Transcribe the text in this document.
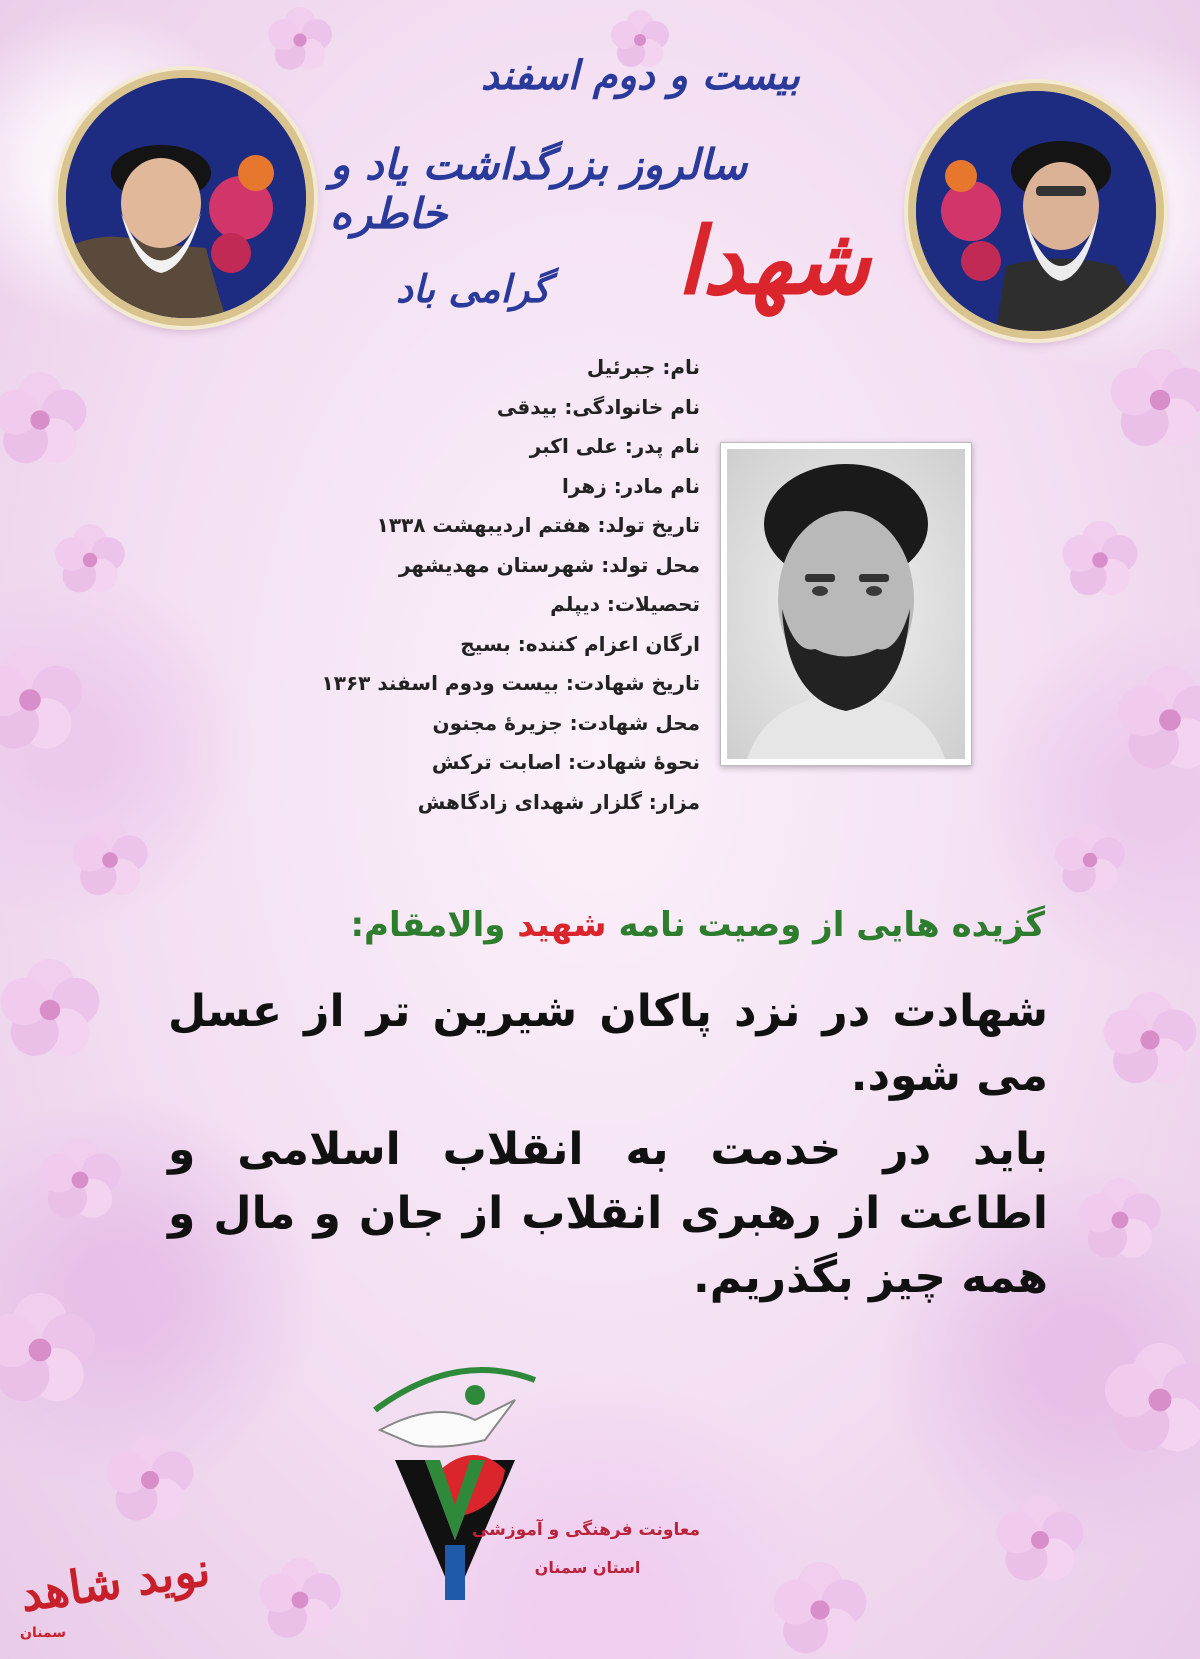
بیست و دوم اسفند
سالروز بزرگداشت یاد و خاطره	شهدا
گرامی باد
نام: جبرئیل
نام خانوادگی: بیدقی
نام پدر: علی اکبر
نام مادر: زهرا
تاریخ تولد: هفتم اردیبهشت ۱۳۳۸
محل تولد: شهرستان مهدیشهر
تحصیلات: دیپلم
ارگان اعزام کننده: بسیج
تاریخ شهادت: بیست ودوم اسفند ۱۳۶۳
محل شهادت: جزیرهٔ مجنون
نحوهٔ شهادت: اصابت ترکش
مزار: گلزار شهدای زادگاهش
گزیده هایی از وصیت نامه شهید والامقام:

شهادت در نزد پاکان شیرین تر از عسل می شود.

باید در خدمت به انقلاب اسلامی و اطاعت از رهبری انقلاب از جان و مال و همه چیز بگذریم.

معاونت فرهنگی و آموزشی
استان سمنان
نوید شاهد
سمنان
